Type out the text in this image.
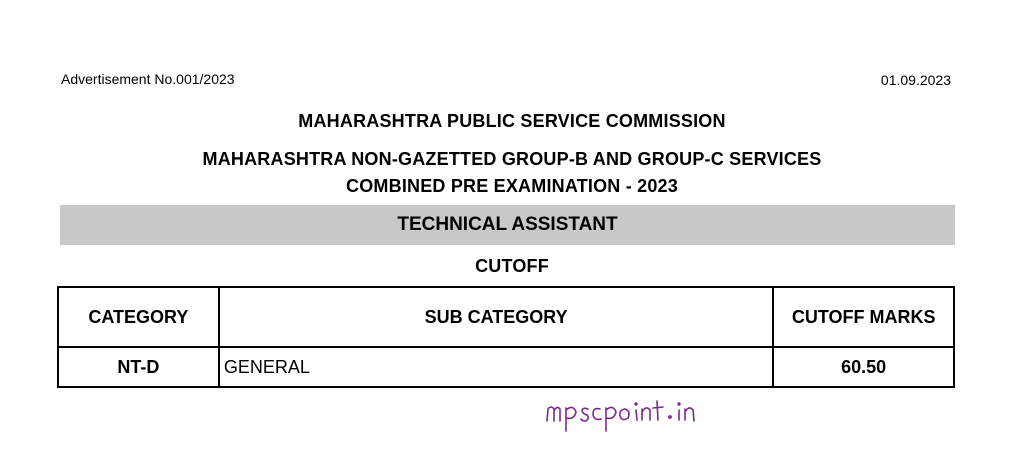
Advertisement No.001/2023	01.09.2023
MAHARASHTRA PUBLIC SERVICE COMMISSION
MAHARASHTRA NON-GAZETTED GROUP-B AND GROUP-C SERVICES
COMBINED PRE EXAMINATION - 2023
TECHNICAL ASSISTANT
CUTOFF
CATEGORY	SUB CATEGORY	CUTOFF MARKS
NT-D	GENERAL	60.50
